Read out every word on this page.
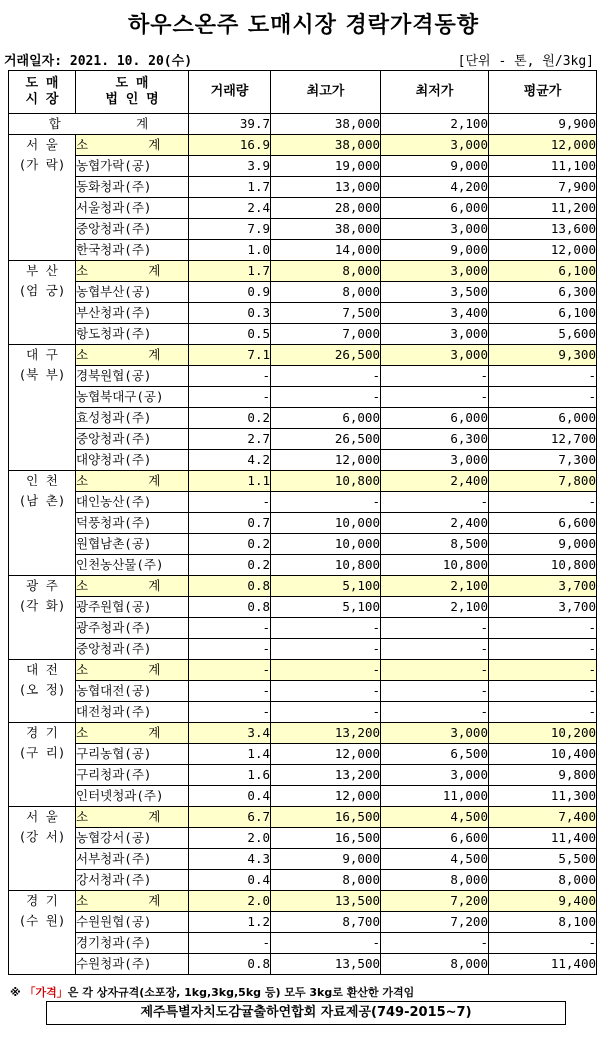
하우스온주 도매시장 경락가격동향
거래일자: 2021. 10. 20(수)	[단위 - 톤, 원/3kg]
도 매
시 장	도 매
법 인 명	거래량	최고가	최저가	평균가
합          계		39.7	38,000	2,100	9,900
서 울
(가 락)	소        계	16.9	38,000	3,000	12,000
	농협가락(공)	3.9	19,000	9,000	11,100
	동화청과(주)	1.7	13,000	4,200	7,900
	서울청과(주)	2.4	28,000	6,000	11,200
	중앙청과(주)	7.9	38,000	3,000	13,600
	한국청과(주)	1.0	14,000	9,000	12,000
부 산
(엄 궁)	소        계	1.7	8,000	3,000	6,100
	농협부산(공)	0.9	8,000	3,500	6,300
	부산청과(주)	0.3	7,500	3,400	6,100
	항도청과(주)	0.5	7,000	3,000	5,600
대 구
(북 부)	소        계	7.1	26,500	3,000	9,300
	경북원협(공)	-	-	-	-
	농협북대구(공)	-	-	-	-
	효성청과(주)	0.2	6,000	6,000	6,000
	중앙청과(주)	2.7	26,500	6,300	12,700
	대양청과(주)	4.2	12,000	3,000	7,300
인 천
(남 촌)	소        계	1.1	10,800	2,400	7,800
	대인농산(주)	-	-	-	-
	덕풍청과(주)	0.7	10,000	2,400	6,600
	원협남촌(공)	0.2	10,000	8,500	9,000
	인천농산물(주)	0.2	10,800	10,800	10,800
광 주
(각 화)	소        계	0.8	5,100	2,100	3,700
	광주원협(공)	0.8	5,100	2,100	3,700
	광주청과(주)	-	-	-	-
	중앙청과(주)	-	-	-	-
대 전
(오 정)	소        계	-	-	-	-
	농협대전(공)	-	-	-	-
	대전청과(주)	-	-	-	-
경 기
(구 리)	소        계	3.4	13,200	3,000	10,200
	구리농협(공)	1.4	12,000	6,500	10,400
	구리청과(주)	1.6	13,200	3,000	9,800
	인터넷청과(주)	0.4	12,000	11,000	11,300
서 울
(강 서)	소        계	6.7	16,500	4,500	7,400
	농협강서(공)	2.0	16,500	6,600	11,400
	서부청과(주)	4.3	9,000	4,500	5,500
	강서청과(주)	0.4	8,000	8,000	8,000
경 기
(수 원)	소        계	2.0	13,500	7,200	9,400
	수원원협(공)	1.2	8,700	7,200	8,100
	경기청과(주)	-	-	-	-
	수원청과(주)	0.8	13,500	8,000	11,400
※ 「가격」은 각 상자규격(소포장, 1kg,3kg,5kg 등) 모두 3kg로 환산한 가격임
제주특별자치도감귤출하연합회 자료제공(749-2015~7)
